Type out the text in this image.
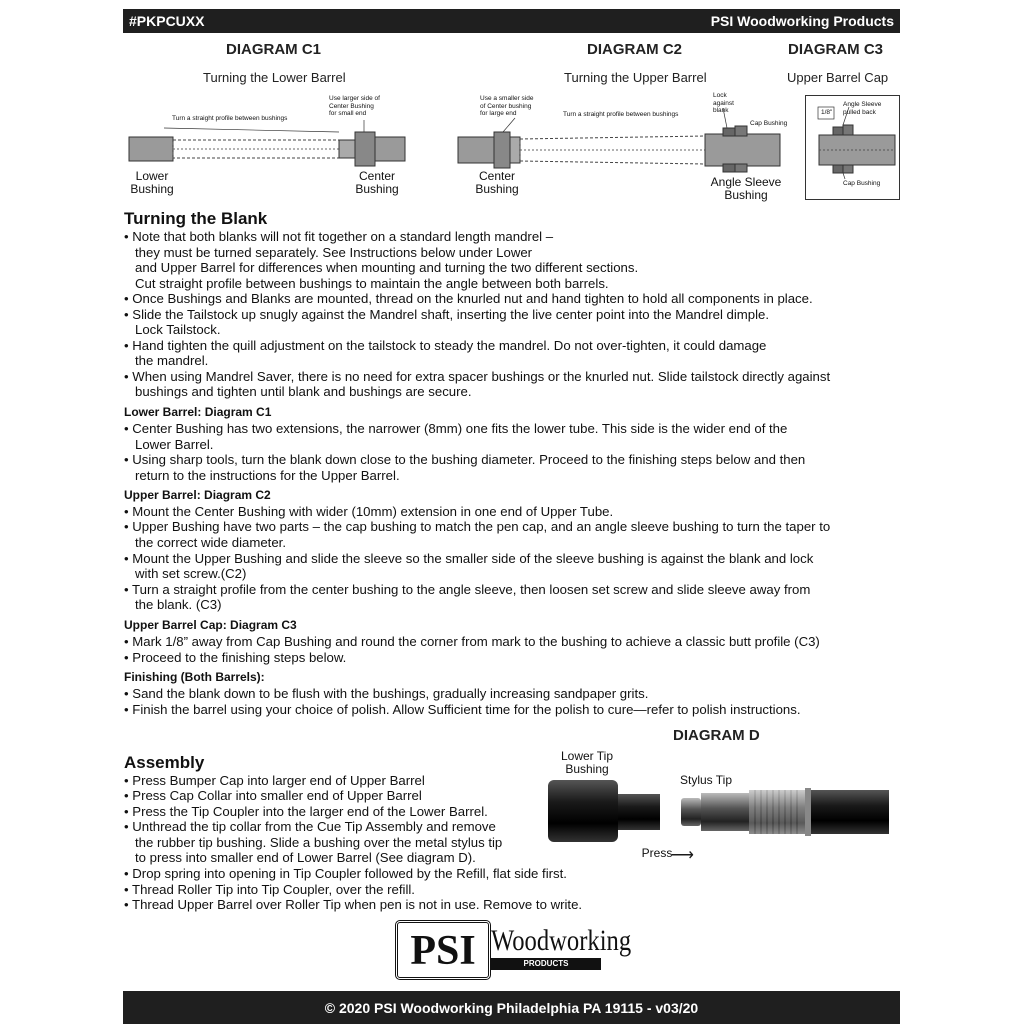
#PKPCUXX	PSI Woodworking Products
DIAGRAM C1
Turning the Lower Barrel
DIAGRAM C2
Turning the Upper Barrel
DIAGRAM C3
Upper Barrel Cap
Turn a straight profile between bushings
Use larger side of
Center Bushing
for small end
Lower
Bushing
Center
Bushing
Use a smaller side
of Center bushing
for large end	Turn a straight profile between bushings
Lock
against
blank
Cap Bushing
Center
Bushing	Angle Sleeve
Bushing
1/8"
Angle Sleeve
pulled back
Cap Bushing
Turning the Blank
• Note that both blanks will not fit together on a standard length mandrel –
they must be turned separately. See Instructions below under Lower
and Upper Barrel for differences when mounting and turning the two different sections.
Cut straight profile between bushings to maintain the angle between both barrels.
• Once Bushings and Blanks are mounted, thread on the knurled nut and hand tighten to hold all components in place.
• Slide the Tailstock up snugly against the Mandrel shaft, inserting the live center point into the Mandrel dimple.
Lock Tailstock.
• Hand tighten the quill adjustment on the tailstock to steady the mandrel. Do not over-tighten, it could damage
the mandrel.
• When using Mandrel Saver, there is no need for extra spacer bushings or the knurled nut. Slide tailstock directly against
bushings and tighten until blank and bushings are secure.
Lower Barrel: Diagram C1
• Center Bushing has two extensions, the narrower (8mm) one fits the lower tube. This side is the wider end of the
Lower Barrel.
• Using sharp tools, turn the blank down close to the bushing diameter. Proceed to the finishing steps below and then
return to the instructions for the Upper Barrel.
Upper Barrel: Diagram C2
• Mount the Center Bushing with wider (10mm) extension in one end of Upper Tube.
• Upper Bushing have two parts – the cap bushing to match the pen cap, and an angle sleeve bushing to turn the taper to
the correct wide diameter.
• Mount the Upper Bushing and slide the sleeve so the smaller side of the sleeve bushing is against the blank and lock
with set screw.(C2)
• Turn a straight profile from the center bushing to the angle sleeve, then loosen set screw and slide sleeve away from
the blank. (C3)
Upper Barrel Cap: Diagram C3
• Mark 1/8” away from Cap Bushing and round the corner from mark to the bushing to achieve a classic butt profile (C3)
• Proceed to the finishing steps below.
Finishing (Both Barrels):
• Sand the blank down to be flush with the bushings, gradually increasing sandpaper grits.
• Finish the barrel using your choice of polish. Allow Sufficient time for the polish to cure—refer to polish instructions.
DIAGRAM D
Lower Tip
Bushing
Stylus Tip
Press
⟶
Assembly
• Press Bumper Cap into larger end of Upper Barrel
• Press Cap Collar into smaller end of Upper Barrel
• Press the Tip Coupler into the larger end of the Lower Barrel.
• Unthread the tip collar from the Cue Tip Assembly and remove
the rubber tip bushing. Slide a bushing over the metal stylus tip
to press into smaller end of Lower Barrel (See diagram D).
• Drop spring into opening in Tip Coupler followed by the Refill, flat side first.
• Thread Roller Tip into Tip Coupler, over the refill.
• Thread Upper Barrel over Roller Tip when pen is not in use. Remove to write.
PSI Woodworking
PRODUCTS
© 2020 PSI Woodworking Philadelphia PA 19115 - v03/20
